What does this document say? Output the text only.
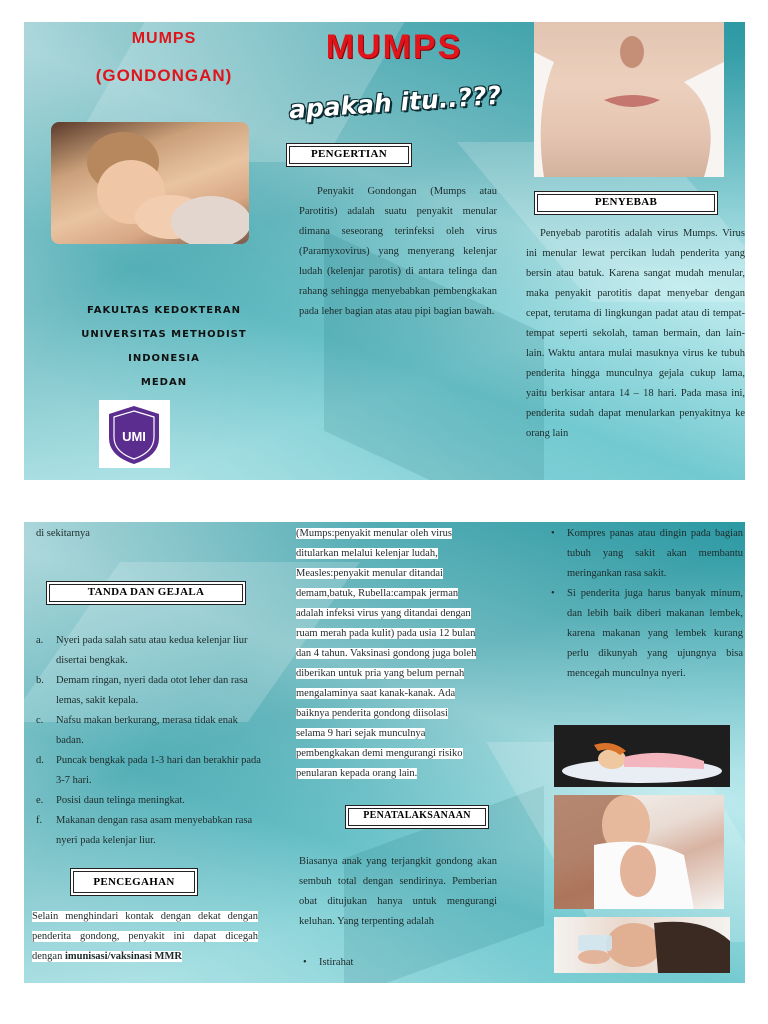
MUMPS
(GONDONGAN)
FAKULTAS KEDOKTERAN
UNIVERSITAS METHODIST
INDONESIA
MEDAN
UMI
MUMPS
apakah itu..???
PENGERTIAN
Penyakit Gondongan (Mumps atau Parotitis) adalah suatu penyakit menular dimana seseorang terinfeksi oleh virus (Paramyxovirus) yang menyerang kelenjar ludah (kelenjar parotis) di antara telinga dan rahang sehingga menyebabkan pembengkakan pada leher bagian atas atau pipi bagian bawah.
PENYEBAB
Penyebab parotitis adalah virus Mumps. Virus ini menular lewat percikan ludah penderita yang bersin atau batuk. Karena sangat mudah menular, maka penyakit parotitis dapat menyebar dengan cepat, terutama di lingkungan padat atau di tempat-tempat seperti sekolah, taman bermain, dan lain-lain. Waktu antara mulai masuknya virus ke tubuh penderita hingga munculnya gejala cukup lama, yaitu berkisar antara 14 – 18 hari. Pada masa ini, penderita sudah dapat menularkan penyakitnya ke orang lain
di sekitarnya
TANDA DAN GEJALA
a. Nyeri pada salah satu atau kedua kelenjar liur disertai bengkak.
b. Demam ringan, nyeri dada otot leher dan rasa lemas, sakit kepala.
c. Nafsu makan berkurang, merasa tidak enak badan.
d. Puncak bengkak pada 1-3 hari dan berakhir pada 3-7 hari.
e. Posisi daun telinga meningkat.
f. Makanan dengan rasa asam menyebabkan rasa nyeri pada kelenjar liur.
PENCEGAHAN
Selain menghindari kontak dengan dekat dengan penderita gondong, penyakit ini dapat dicegah dengan imunisasi/vaksinasi MMR
(Mumps:penyakit menular oleh virus
ditularkan melalui kelenjar ludah,
Measles:penyakit menular ditandai
demam,batuk, Rubella:campak jerman
adalah infeksi virus yang ditandai dengan
ruam merah pada kulit) pada usia 12 bulan
dan 4 tahun. Vaksinasi gondong juga boleh
diberikan untuk pria yang belum pernah
mengalaminya saat kanak-kanak. Ada
baiknya penderita gondong diisolasi
selama 9 hari sejak munculnya
pembengkakan demi mengurangi risiko
penularan kepada orang lain.
PENATALAKSANAAN
Biasanya anak yang terjangkit gondong akan sembuh total dengan sendirinya. Pemberian obat ditujukan hanya untuk mengurangi keluhan. Yang terpenting adalah
• Istirahat
• Kompres panas atau dingin pada bagian tubuh yang sakit akan membantu meringankan rasa sakit.
• Si penderita juga harus banyak minum, dan lebih baik diberi makanan lembek, karena makanan yang lembek kurang perlu dikunyah yang ujungnya bisa mencegah munculnya nyeri.
